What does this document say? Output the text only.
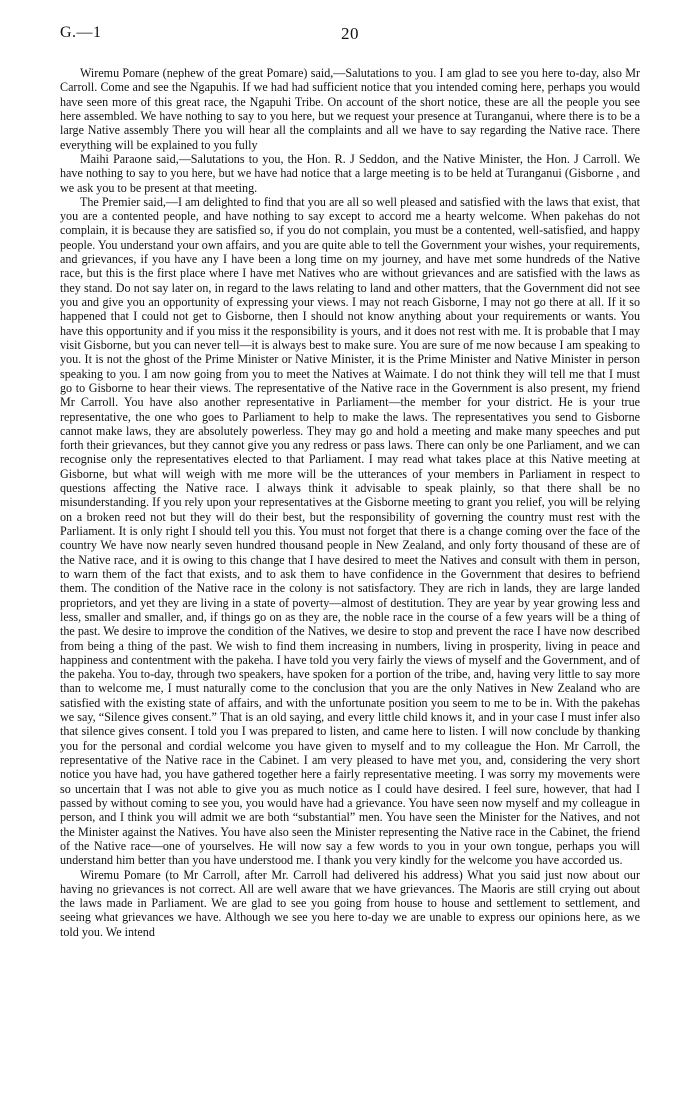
G.—1	20

Wiremu Pomare (nephew of the great Pomare) said,—Salutations to you. I am glad to see you here to-day, also Mr Carroll. Come and see the Ngapuhis. If we had had sufficient notice that you intended coming here, perhaps you would have seen more of this great race, the Ngapuhi Tribe. On account of the short notice, these are all the people you see here assembled. We have nothing to say to you here, but we request your presence at Turanganui, where there is to be a large Native assembly There you will hear all the complaints and all we have to say regarding the Native race. There everything will be explained to you fully

Maihi Paraone said,—Salutations to you, the Hon. R. J Seddon, and the Native Minister, the Hon. J Carroll. We have nothing to say to you here, but we have had notice that a large meeting is to be held at Turanganui (Gisborne , and we ask you to be present at that meeting.

The Premier said,—I am delighted to find that you are all so well pleased and satisfied with the laws that exist, that you are a contented people, and have nothing to say except to accord me a hearty welcome. When pakehas do not complain, it is because they are satisfied so, if you do not complain, you must be a contented, well-satisfied, and happy people. You understand your own affairs, and you are quite able to tell the Government your wishes, your requirements, and grievances, if you have any I have been a long time on my journey, and have met some hundreds of the Native race, but this is the first place where I have met Natives who are without grievances and are satisfied with the laws as they stand. Do not say later on, in regard to the laws relating to land and other matters, that the Government did not see you and give you an opportunity of expressing your views. I may not reach Gisborne, I may not go there at all. If it so happened that I could not get to Gisborne, then I should not know anything about your requirements or wants. You have this opportunity and if you miss it the responsibility is yours, and it does not rest with me. It is probable that I may visit Gisborne, but you can never tell—it is always best to make sure. You are sure of me now because I am speaking to you. It is not the ghost of the Prime Minister or Native Minister, it is the Prime Minister and Native Minister in person speaking to you. I am now going from you to meet the Natives at Waimate. I do not think they will tell me that I must go to Gisborne to hear their views. The representative of the Native race in the Government is also present, my friend Mr Carroll. You have also another representative in Parliament—the member for your district. He is your true representative, the one who goes to Parliament to help to make the laws. The representatives you send to Gisborne cannot make laws, they are absolutely powerless. They may go and hold a meeting and make many speeches and put forth their grievances, but they cannot give you any redress or pass laws. There can only be one Parliament, and we can recognise only the representatives elected to that Parliament. I may read what takes place at this Native meeting at Gisborne, but what will weigh with me more will be the utterances of your members in Parliament in respect to questions affecting the Native race. I always think it advisable to speak plainly, so that there shall be no misunderstanding. If you rely upon your representatives at the Gisborne meeting to grant you relief, you will be relying on a broken reed not but they will do their best, but the responsibility of governing the country must rest with the Parliament. It is only right I should tell you this. You must not forget that there is a change coming over the face of the country We have now nearly seven hundred thousand people in New Zealand, and only forty thousand of these are of the Native race, and it is owing to this change that I have desired to meet the Natives and consult with them in person, to warn them of the fact that exists, and to ask them to have confidence in the Government that desires to befriend them. The condition of the Native race in the colony is not satisfactory. They are rich in lands, they are large landed proprietors, and yet they are living in a state of poverty—almost of destitution. They are year by year growing less and less, smaller and smaller, and, if things go on as they are, the noble race in the course of a few years will be a thing of the past. We desire to improve the condition of the Natives, we desire to stop and prevent the race I have now described from being a thing of the past. We wish to find them increasing in numbers, living in prosperity, living in peace and happiness and contentment with the pakeha. I have told you very fairly the views of myself and the Government, and of the pakeha. You to-day, through two speakers, have spoken for a portion of the tribe, and, having very little to say more than to welcome me, I must naturally come to the conclusion that you are the only Natives in New Zealand who are satisfied with the existing state of affairs, and with the unfortunate position you seem to me to be in. With the pakehas we say, “Silence gives consent.” That is an old saying, and every little child knows it, and in your case I must infer also that silence gives consent. I told you I was prepared to listen, and came here to listen. I will now conclude by thanking you for the personal and cordial welcome you have given to myself and to my colleague the Hon. Mr Carroll, the representative of the Native race in the Cabinet. I am very pleased to have met you, and, considering the very short notice you have had, you have gathered together here a fairly representative meeting. I was sorry my movements were so uncertain that I was not able to give you as much notice as I could have desired. I feel sure, however, that had I passed by without coming to see you, you would have had a grievance. You have seen now myself and my colleague in person, and I think you will admit we are both “substantial” men. You have seen the Minister for the Natives, and not the Minister against the Natives. You have also seen the Minister representing the Native race in the Cabinet, the friend of the Native race—one of yourselves. He will now say a few words to you in your own tongue, perhaps you will understand him better than you have understood me. I thank you very kindly for the welcome you have accorded us.

Wiremu Pomare (to Mr Carroll, after Mr. Carroll had delivered his address) What you said just now about our having no grievances is not correct. All are well aware that we have grievances. The Maoris are still crying out about the laws made in Parliament. We are glad to see you going from house to house and settlement to settlement, and seeing what grievances we have. Although we see you here to-day we are unable to express our opinions here, as we told you. We intend
